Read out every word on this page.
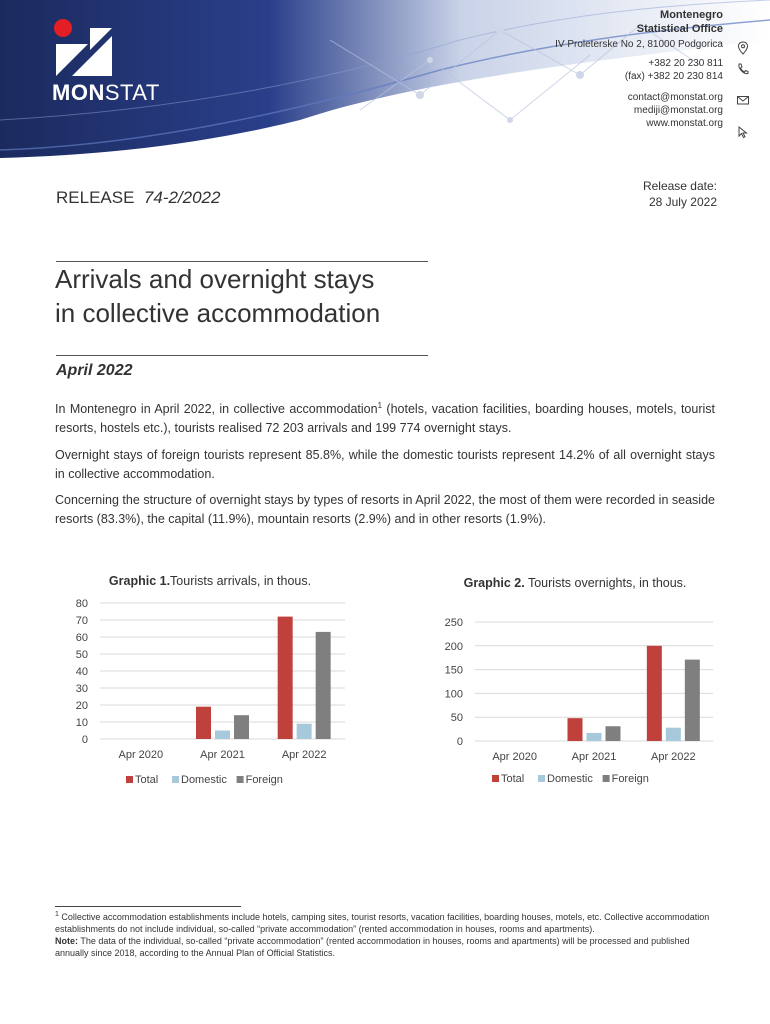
MONSTAT
Montenegro
Statistical Office
IV Proleterske No 2, 81000 Podgorica
+382 20 230 811
(fax) +382 20 230 814
contact@monstat.org
mediji@monstat.org
www.monstat.org
RELEASE 74-2/2022
Release date:
28 July 2022
Arrivals and overnight stays
in collective accommodation
April 2022
In Montenegro in April 2022, in collective accommodation$^1$ (hotels, vacation facilities, boarding houses, motels, tourist resorts, hostels etc.), tourists realised 72 203 arrivals and 199 774 overnight stays.
Overnight stays of foreign tourists represent 85.8%, while the domestic tourists represent 14.2% of all overnight stays in collective accommodation.
Concerning the structure of overnight stays by types of resorts in April 2022, the most of them were recorded in seaside resorts (83.3%), the capital (11.9%), mountain resorts (2.9%) and in other resorts (1.9%).
Graphic 1.Tourists arrivals, in thous.	Graphic 2. Tourists overnights, in thous.
0
10
20
30
40
50
60
70
80
Apr 2020	Apr 2021	Apr 2022
Total Domestic Foreign
0
50
100
150
200
250
Apr 2020	Apr 2021	Apr 2022
Total Domestic Foreign
$^1$ Collective accommodation establishments include hotels, camping sites, tourist resorts, vacation facilities, boarding houses, motels, etc. Collective accommodation establishments do not include individual, so-called “private accommodation” (rented accommodation in houses, rooms and apartments).
Note: The data of the individual, so-called “private accommodation” (rented accommodation in houses, rooms and apartments) will be processed and published annually since 2018, according to the Annual Plan of Official Statistics.
